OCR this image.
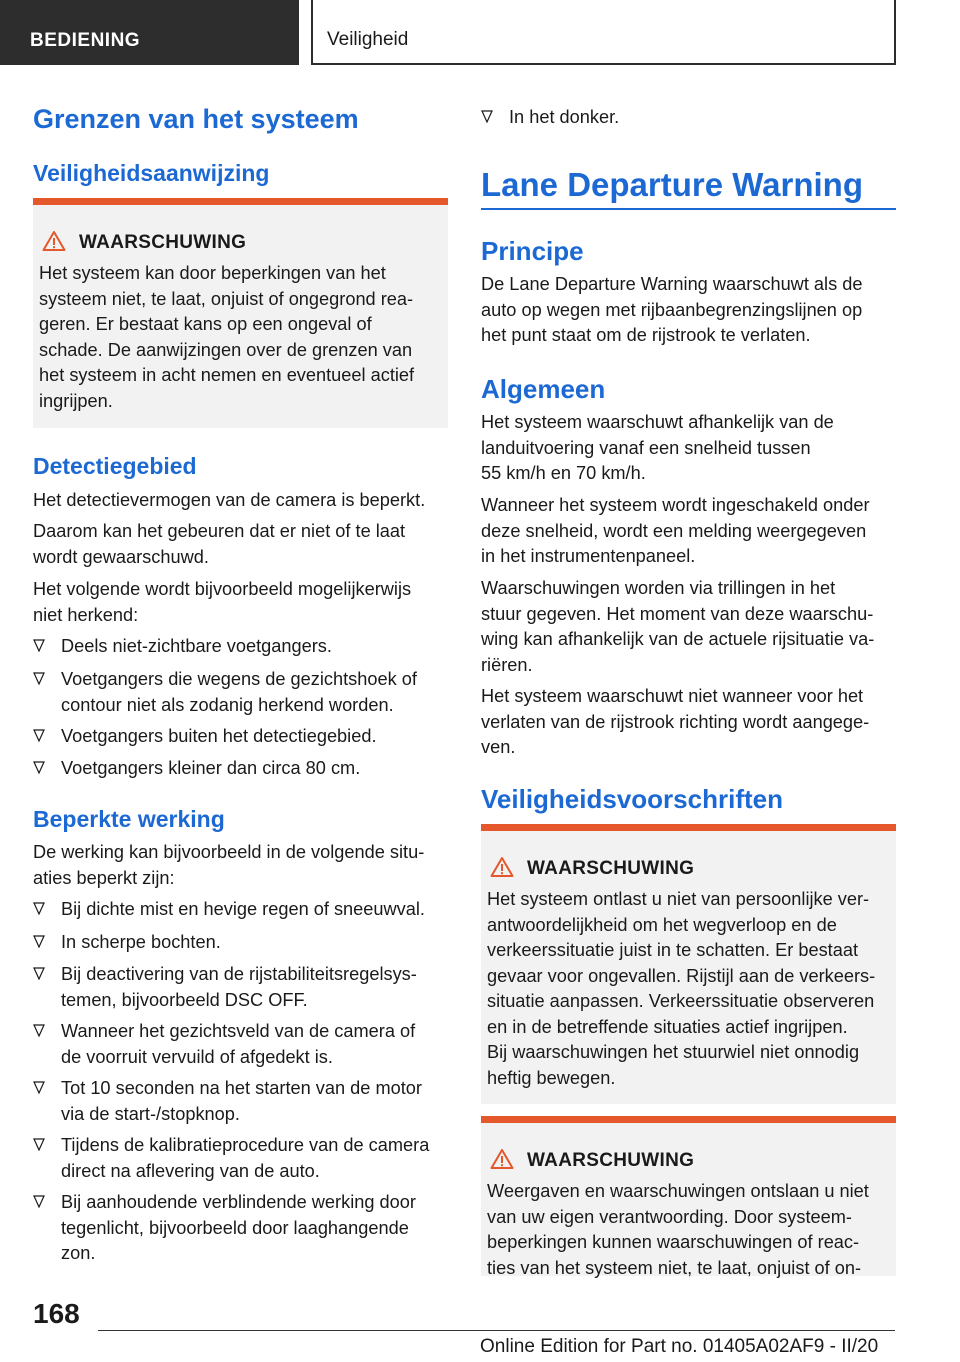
BEDIENING	Veiligheid
Grenzen van het systeem
Veiligheidsaanwijzing
WAARSCHUWING
Het systeem kan door beperkingen van het
systeem niet, te laat, onjuist of ongegrond rea‐
geren. Er bestaat kans op een ongeval of
schade. De aanwijzingen over de grenzen van
het systeem in acht nemen en eventueel actief
ingrijpen.
Detectiegebied
Het detectievermogen van de camera is beperkt.
Daarom kan het gebeuren dat er niet of te laat
wordt gewaarschuwd.
Het volgende wordt bijvoorbeeld mogelijkerwijs
niet herkend:
Deels niet-zichtbare voetgangers.
Voetgangers die wegens de gezichtshoek of
contour niet als zodanig herkend worden.
Voetgangers buiten het detectiegebied.
Voetgangers kleiner dan circa 80 cm.
Beperkte werking
De werking kan bijvoorbeeld in de volgende situ‐
aties beperkt zijn:
Bij dichte mist en hevige regen of sneeuwval.
In scherpe bochten.
Bij deactivering van de rijstabiliteitsregelsys‐
temen, bijvoorbeeld DSC OFF.
Wanneer het gezichtsveld van de camera of
de voorruit vervuild of afgedekt is.
Tot 10 seconden na het starten van de motor
via de start-/stopknop.
Tijdens de kalibratieprocedure van de camera
direct na aflevering van de auto.
Bij aanhoudende verblindende werking door
tegenlicht, bijvoorbeeld door laaghangende
zon.
In het donker.
Lane Departure Warning
Principe
De Lane Departure Warning waarschuwt als de
auto op wegen met rijbaanbegrenzingslijnen op
het punt staat om de rijstrook te verlaten.
Algemeen
Het systeem waarschuwt afhankelijk van de
landuitvoering vanaf een snelheid tussen
55 km/h en 70 km/h.
Wanneer het systeem wordt ingeschakeld onder
deze snelheid, wordt een melding weergegeven
in het instrumentenpaneel.
Waarschuwingen worden via trillingen in het
stuur gegeven. Het moment van deze waarschu‐
wing kan afhankelijk van de actuele rijsituatie va‐
riëren.
Het systeem waarschuwt niet wanneer voor het
verlaten van de rijstrook richting wordt aangege‐
ven.
Veiligheidsvoorschriften
WAARSCHUWING
Het systeem ontlast u niet van persoonlijke ver‐
antwoordelijkheid om het wegverloop en de
verkeerssituatie juist in te schatten. Er bestaat
gevaar voor ongevallen. Rijstijl aan de verkeers‐
situatie aanpassen. Verkeerssituatie observeren
en in de betreffende situaties actief ingrijpen.
Bij waarschuwingen het stuurwiel niet onnodig
heftig bewegen.
WAARSCHUWING
Weergaven en waarschuwingen ontslaan u niet
van uw eigen verantwoording. Door systeem‐
beperkingen kunnen waarschuwingen of reac‐
ties van het systeem niet, te laat, onjuist of on‐
168
Online Edition for Part no. 01405A02AF9 - II/20
